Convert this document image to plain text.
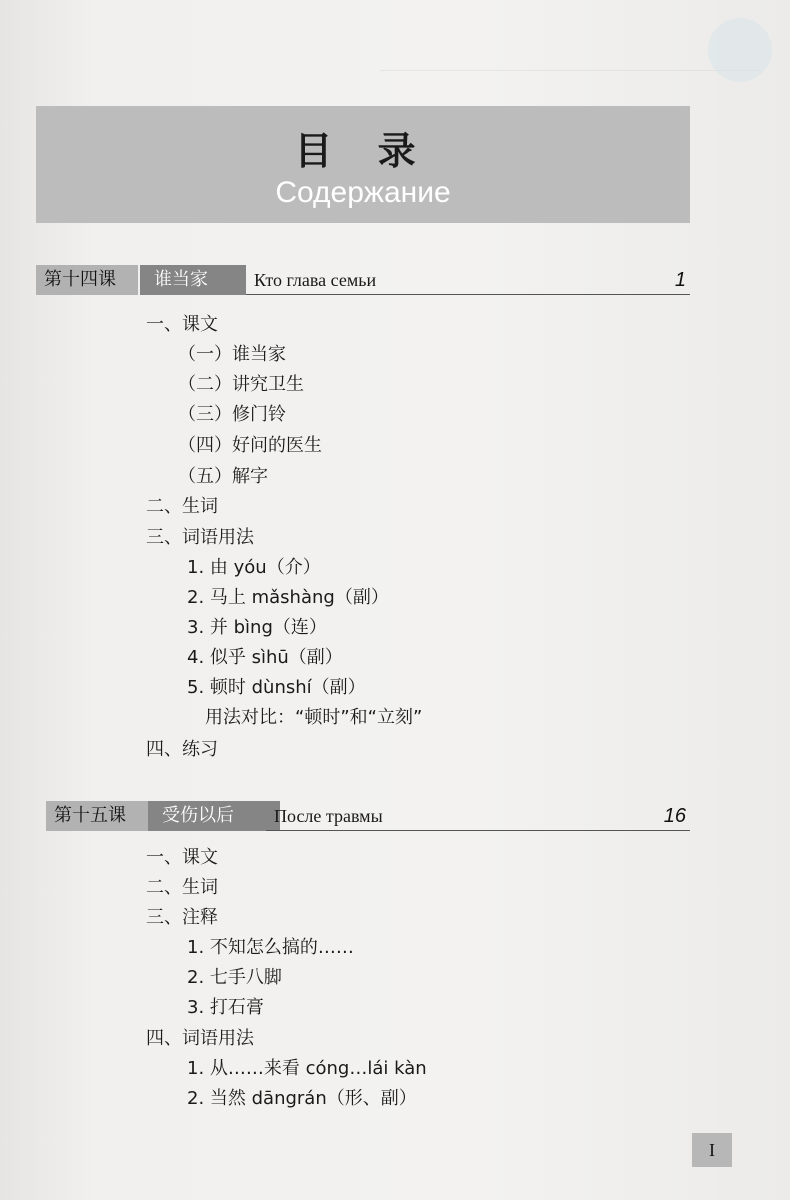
目 录
Содержание
第十四课	谁当家	Кто глава семьи	1
一、课文
（一）谁当家
（二）讲究卫生
（三）修门铃
（四）好问的医生
（五）解字
二、生词
三、词语用法
1. 由 yóu（介）
2. 马上 mǎshàng（副）
3. 并 bìng（连）
4. 似乎 sìhū（副）
5. 顿时 dùnshí（副）
用法对比：“顿时”和“立刻”
四、练习
第十五课	受伤以后	После травмы	16
一、课文
二、生词
三、注释
1. 不知怎么搞的……
2. 七手八脚
3. 打石膏
四、词语用法
1. 从……来看 cóng…lái kàn
2. 当然 dāngrán（形、副）
I
